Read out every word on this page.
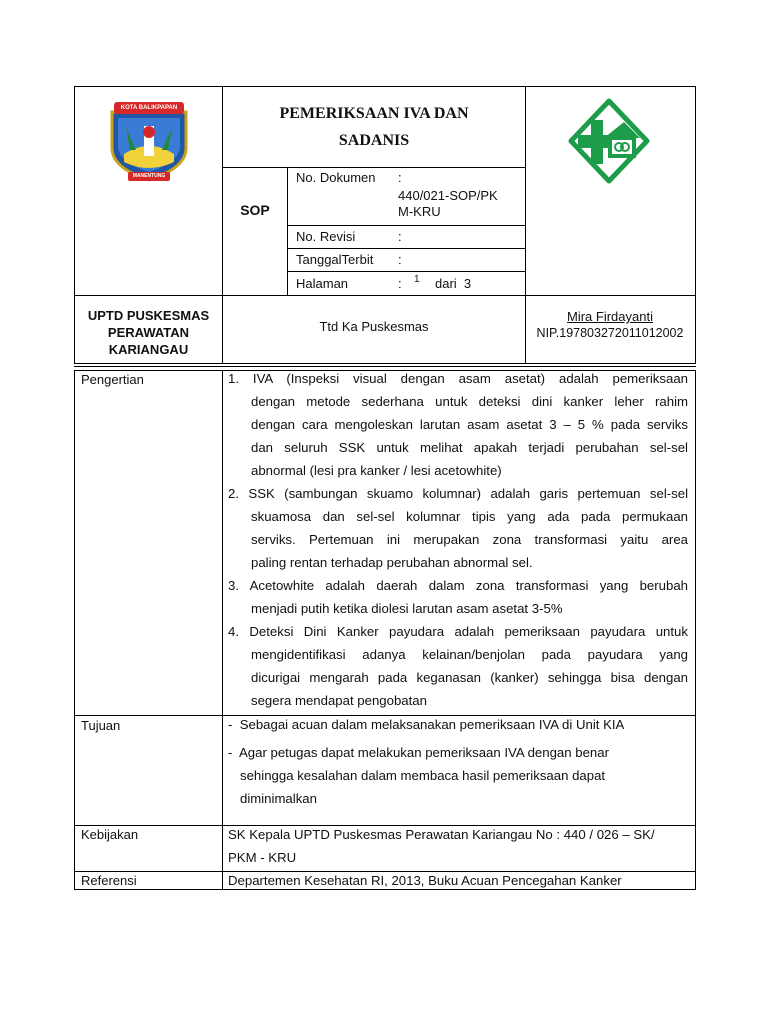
KOTA BALIKPAPAN
MANENTUNG
PEMERIKSAAN IVA DAN
SADANIS
SOP
No. Dokumen :
440/021-SOP/PK
M-KRU
No. Revisi	:
TanggalTerbit :
Halaman	: 1 dari  3
UPTD PUSKESMAS
PERAWATAN
KARIANGAU
Ttd Ka Puskesmas
Mira Firdayanti
NIP.197803272011012002
Pengertian
Tujuan
Kebijakan
Referensi
1. IVA (Inspeksi visual dengan asam asetat) adalah pemeriksaan
dengan metode sederhana untuk deteksi dini kanker leher rahim
dengan cara mengoleskan larutan asam asetat 3 – 5 % pada serviks
dan seluruh SSK untuk melihat apakah terjadi perubahan sel-sel
abnormal (lesi pra kanker / lesi acetowhite)
2. SSK (sambungan skuamo kolumnar) adalah garis pertemuan sel-sel
skuamosa dan sel-sel kolumnar tipis yang ada pada permukaan
serviks. Pertemuan ini merupakan zona transformasi yaitu area
paling rentan terhadap perubahan abnormal sel.
3. Acetowhite adalah daerah dalam zona transformasi yang berubah
menjadi putih ketika diolesi larutan asam asetat 3-5%
4. Deteksi Dini Kanker payudara adalah pemeriksaan payudara untuk
mengidentifikasi adanya kelainan/benjolan pada payudara yang
dicurigai mengarah pada keganasan (kanker) sehingga bisa dengan
segera mendapat pengobatan
-  Sebagai acuan dalam melaksanakan pemeriksaan IVA di Unit KIA
-  Agar petugas dapat melakukan pemeriksaan IVA dengan benar
sehingga kesalahan dalam membaca hasil pemeriksaan dapat
diminimalkan
SK Kepala UPTD Puskesmas Perawatan Kariangau No : 440 / 026 – SK/
PKM - KRU
Departemen Kesehatan RI, 2013, Buku Acuan Pencegahan Kanker
